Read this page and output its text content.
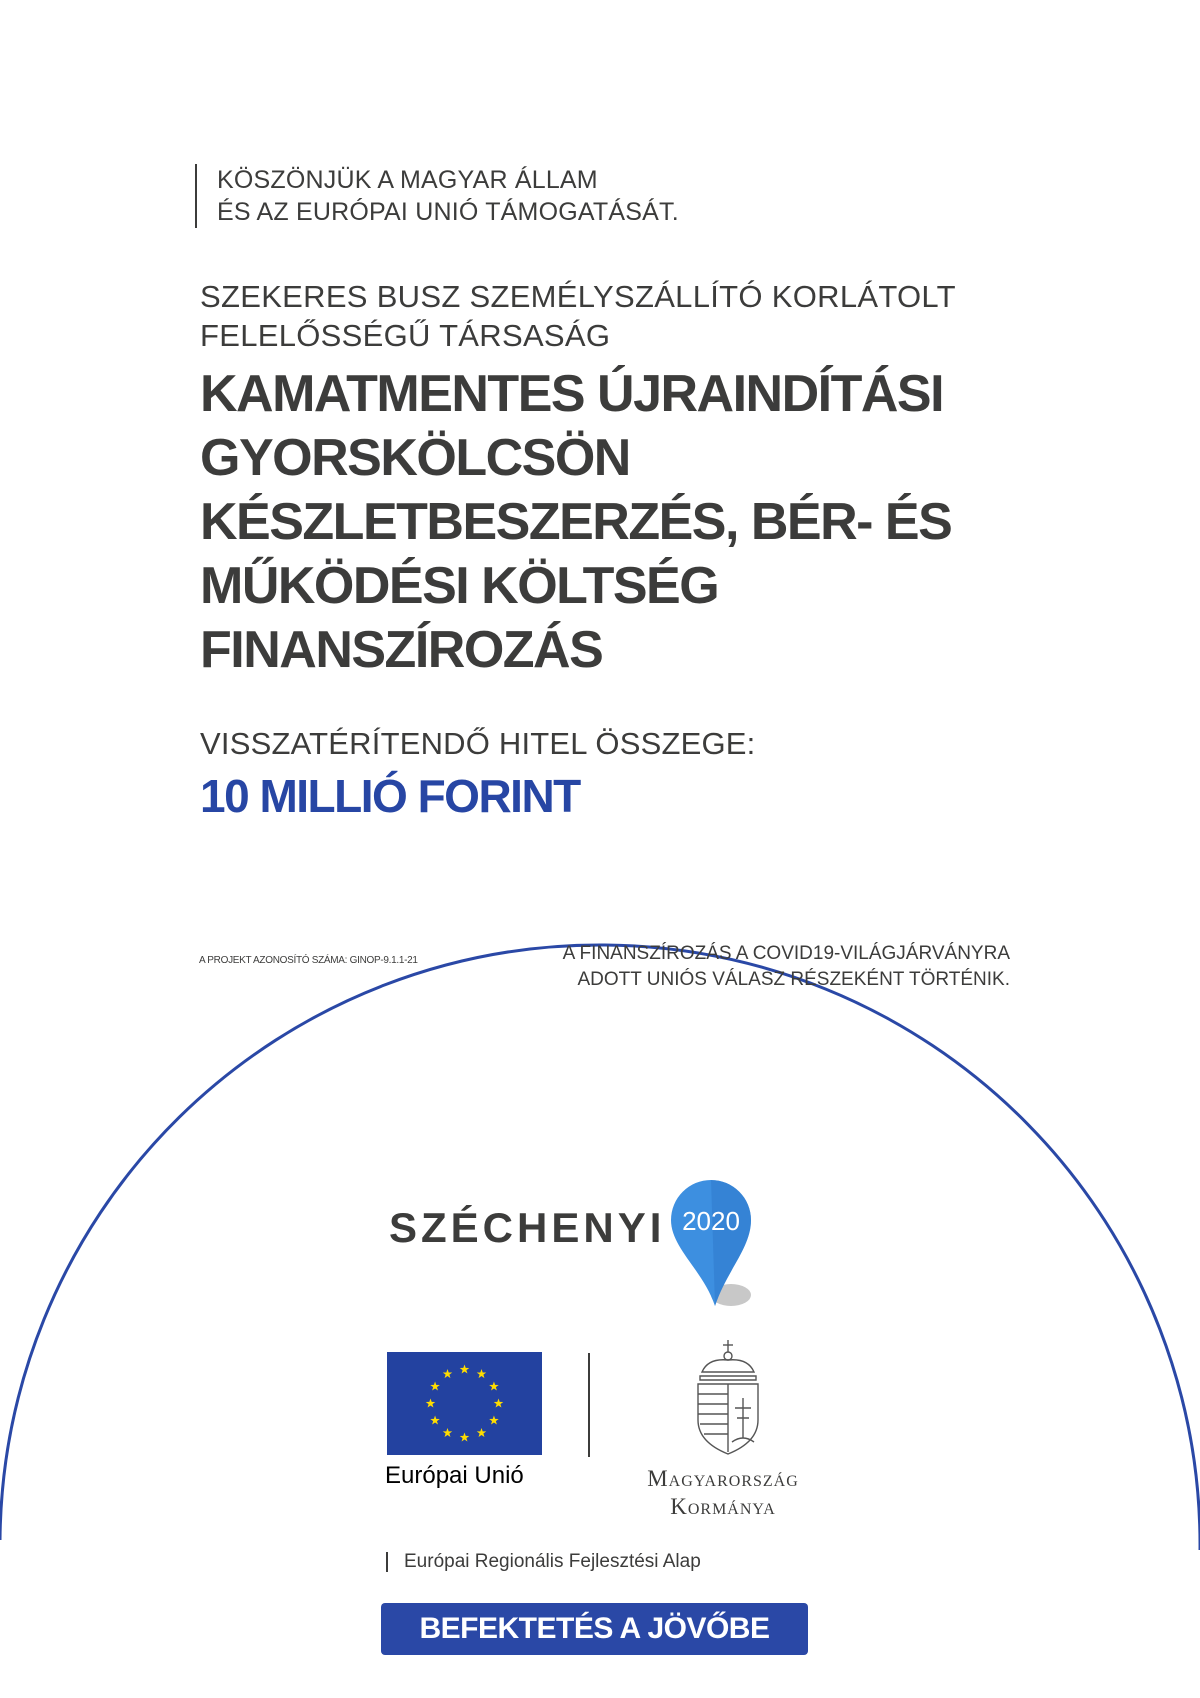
KÖSZÖNJÜK A MAGYAR ÁLLAM
ÉS AZ EURÓPAI UNIÓ TÁMOGATÁSÁT.
SZEKERES BUSZ SZEMÉLYSZÁLLÍTÓ KORLÁTOLT
FELELŐSSÉGŰ TÁRSASÁG
KAMATMENTES ÚJRAINDÍTÁSI
GYORSKÖLCSÖN
KÉSZLETBESZERZÉS, BÉR- ÉS
MŰKÖDÉSI KÖLTSÉG
FINANSZÍROZÁS
VISSZATÉRÍTENDŐ HITEL ÖSSZEGE:
10 MILLIÓ FORINT
A PROJEKT AZONOSÍTÓ SZÁMA: GINOP-9.1.1-21	A FINANSZÍROZÁS A COVID19-VILÁGJÁRVÁNYRA
ADOTT UNIÓS VÁLASZ RÉSZEKÉNT TÖRTÉNIK.
SZÉCHENYI 2020
Európai Unió	Magyarország
Kormánya
Európai Regionális Fejlesztési Alap
BEFEKTETÉS A JÖVŐBE
